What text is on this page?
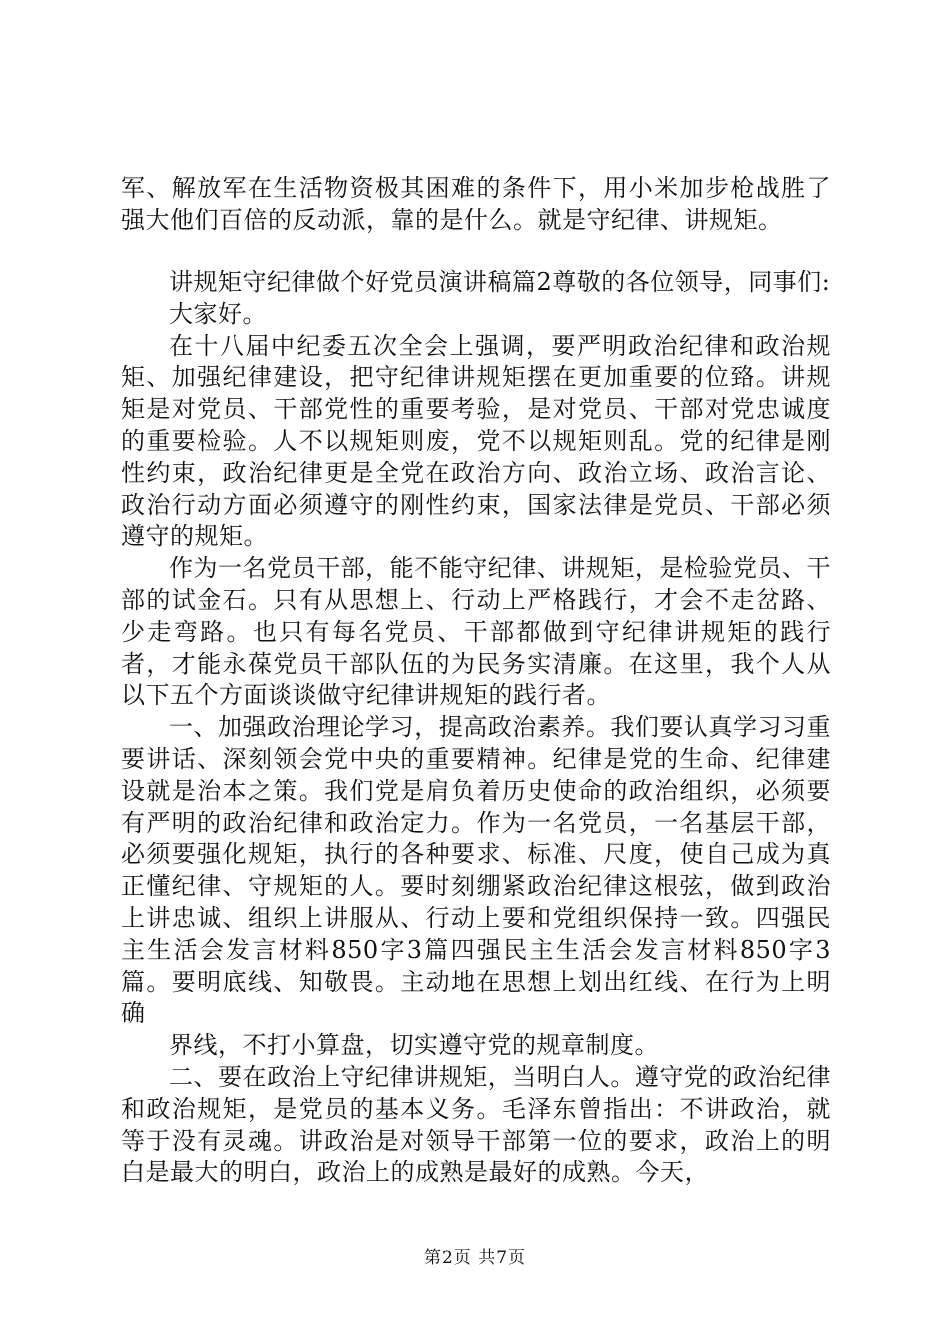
军、解放军在生活物资极其困难的条件下，用小米加步枪战胜了强大他们百倍的反动派，靠的是什么。就是守纪律、讲规矩。

讲规矩守纪律做个好党员演讲稿篇2尊敬的各位领导，同事们:

大家好。

在十八届中纪委五次全会上强调，要严明政治纪律和政治规矩、加强纪律建设，把守纪律讲规矩摆在更加重要的位臵。讲规矩是对党员、干部党性的重要考验，是对党员、干部对党忠诚度的重要检验。人不以规矩则废，党不以规矩则乱。党的纪律是刚性约束，政治纪律更是全党在政治方向、政治立场、政治言论、政治行动方面必须遵守的刚性约束，国家法律是党员、干部必须遵守的规矩。

作为一名党员干部，能不能守纪律、讲规矩，是检验党员、干部的试金石。只有从思想上、行动上严格践行，才会不走岔路、少走弯路。也只有每名党员、干部都做到守纪律讲规矩的践行者，才能永葆党员干部队伍的为民务实清廉。在这里，我个人从以下五个方面谈谈做守纪律讲规矩的践行者。

一、加强政治理论学习，提高政治素养。我们要认真学习习重要讲话、深刻领会党中央的重要精神。纪律是党的生命、纪律建设就是治本之策。我们党是肩负着历史使命的政治组织，必须要有严明的政治纪律和政治定力。作为一名党员，一名基层干部，必须要强化规矩，执行的各种要求、标准、尺度，使自己成为真正懂纪律、守规矩的人。要时刻绷紧政治纪律这根弦，做到政治上讲忠诚、组织上讲服从、行动上要和党组织保持一致。四强民主生活会发言材料850字3篇四强民主生活会发言材料850字3篇。要明底线、知敬畏。主动地在思想上划出红线、在行为上明确

界线，不打小算盘，切实遵守党的规章制度。

二、要在政治上守纪律讲规矩，当明白人。遵守党的政治纪律和政治规矩，是党员的基本义务。毛泽东曾指出：不讲政治，就等于没有灵魂。讲政治是对领导干部第一位的要求，政治上的明白是最大的明白，政治上的成熟是最好的成熟。今天，

第2页 共7页
